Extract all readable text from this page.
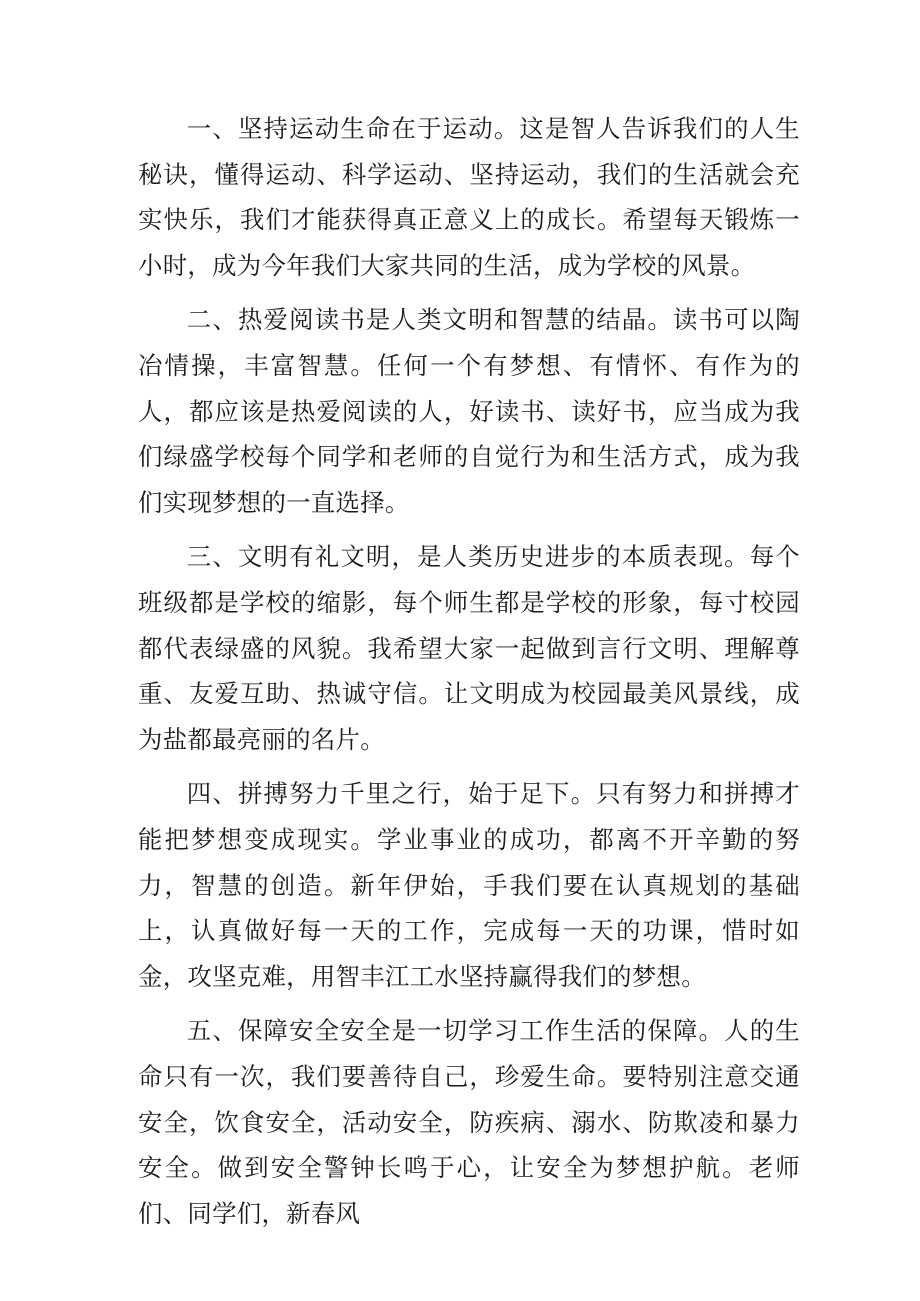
一、坚持运动生命在于运动。这是智人告诉我们的人生秘诀，懂得运动、科学运动、坚持运动，我们的生活就会充实快乐，我们才能获得真正意义上的成长。希望每天锻炼一小时，成为今年我们大家共同的生活，成为学校的风景。

二、热爱阅读书是人类文明和智慧的结晶。读书可以陶冶情操，丰富智慧。任何一个有梦想、有情怀、有作为的人，都应该是热爱阅读的人，好读书、读好书，应当成为我们绿盛学校每个同学和老师的自觉行为和生活方式，成为我们实现梦想的一直选择。

三、文明有礼文明，是人类历史进步的本质表现。每个班级都是学校的缩影，每个师生都是学校的形象，每寸校园都代表绿盛的风貌。我希望大家一起做到言行文明、理解尊重、友爱互助、热诚守信。让文明成为校园最美风景线，成为盐都最亮丽的名片。

四、拼搏努力千里之行，始于足下。只有努力和拼搏才能把梦想变成现实。学业事业的成功，都离不开辛勤的努力，智慧的创造。新年伊始，手我们要在认真规划的基础上，认真做好每一天的工作，完成每一天的功课，惜时如金，攻坚克难，用智丰江工水坚持赢得我们的梦想。

五、保障安全安全是一切学习工作生活的保障。人的生命只有一次，我们要善待自己，珍爱生命。要特别注意交通安全，饮食安全，活动安全，防疾病、溺水、防欺凌和暴力安全。做到安全警钟长鸣于心，让安全为梦想护航。老师们、同学们，新春风
